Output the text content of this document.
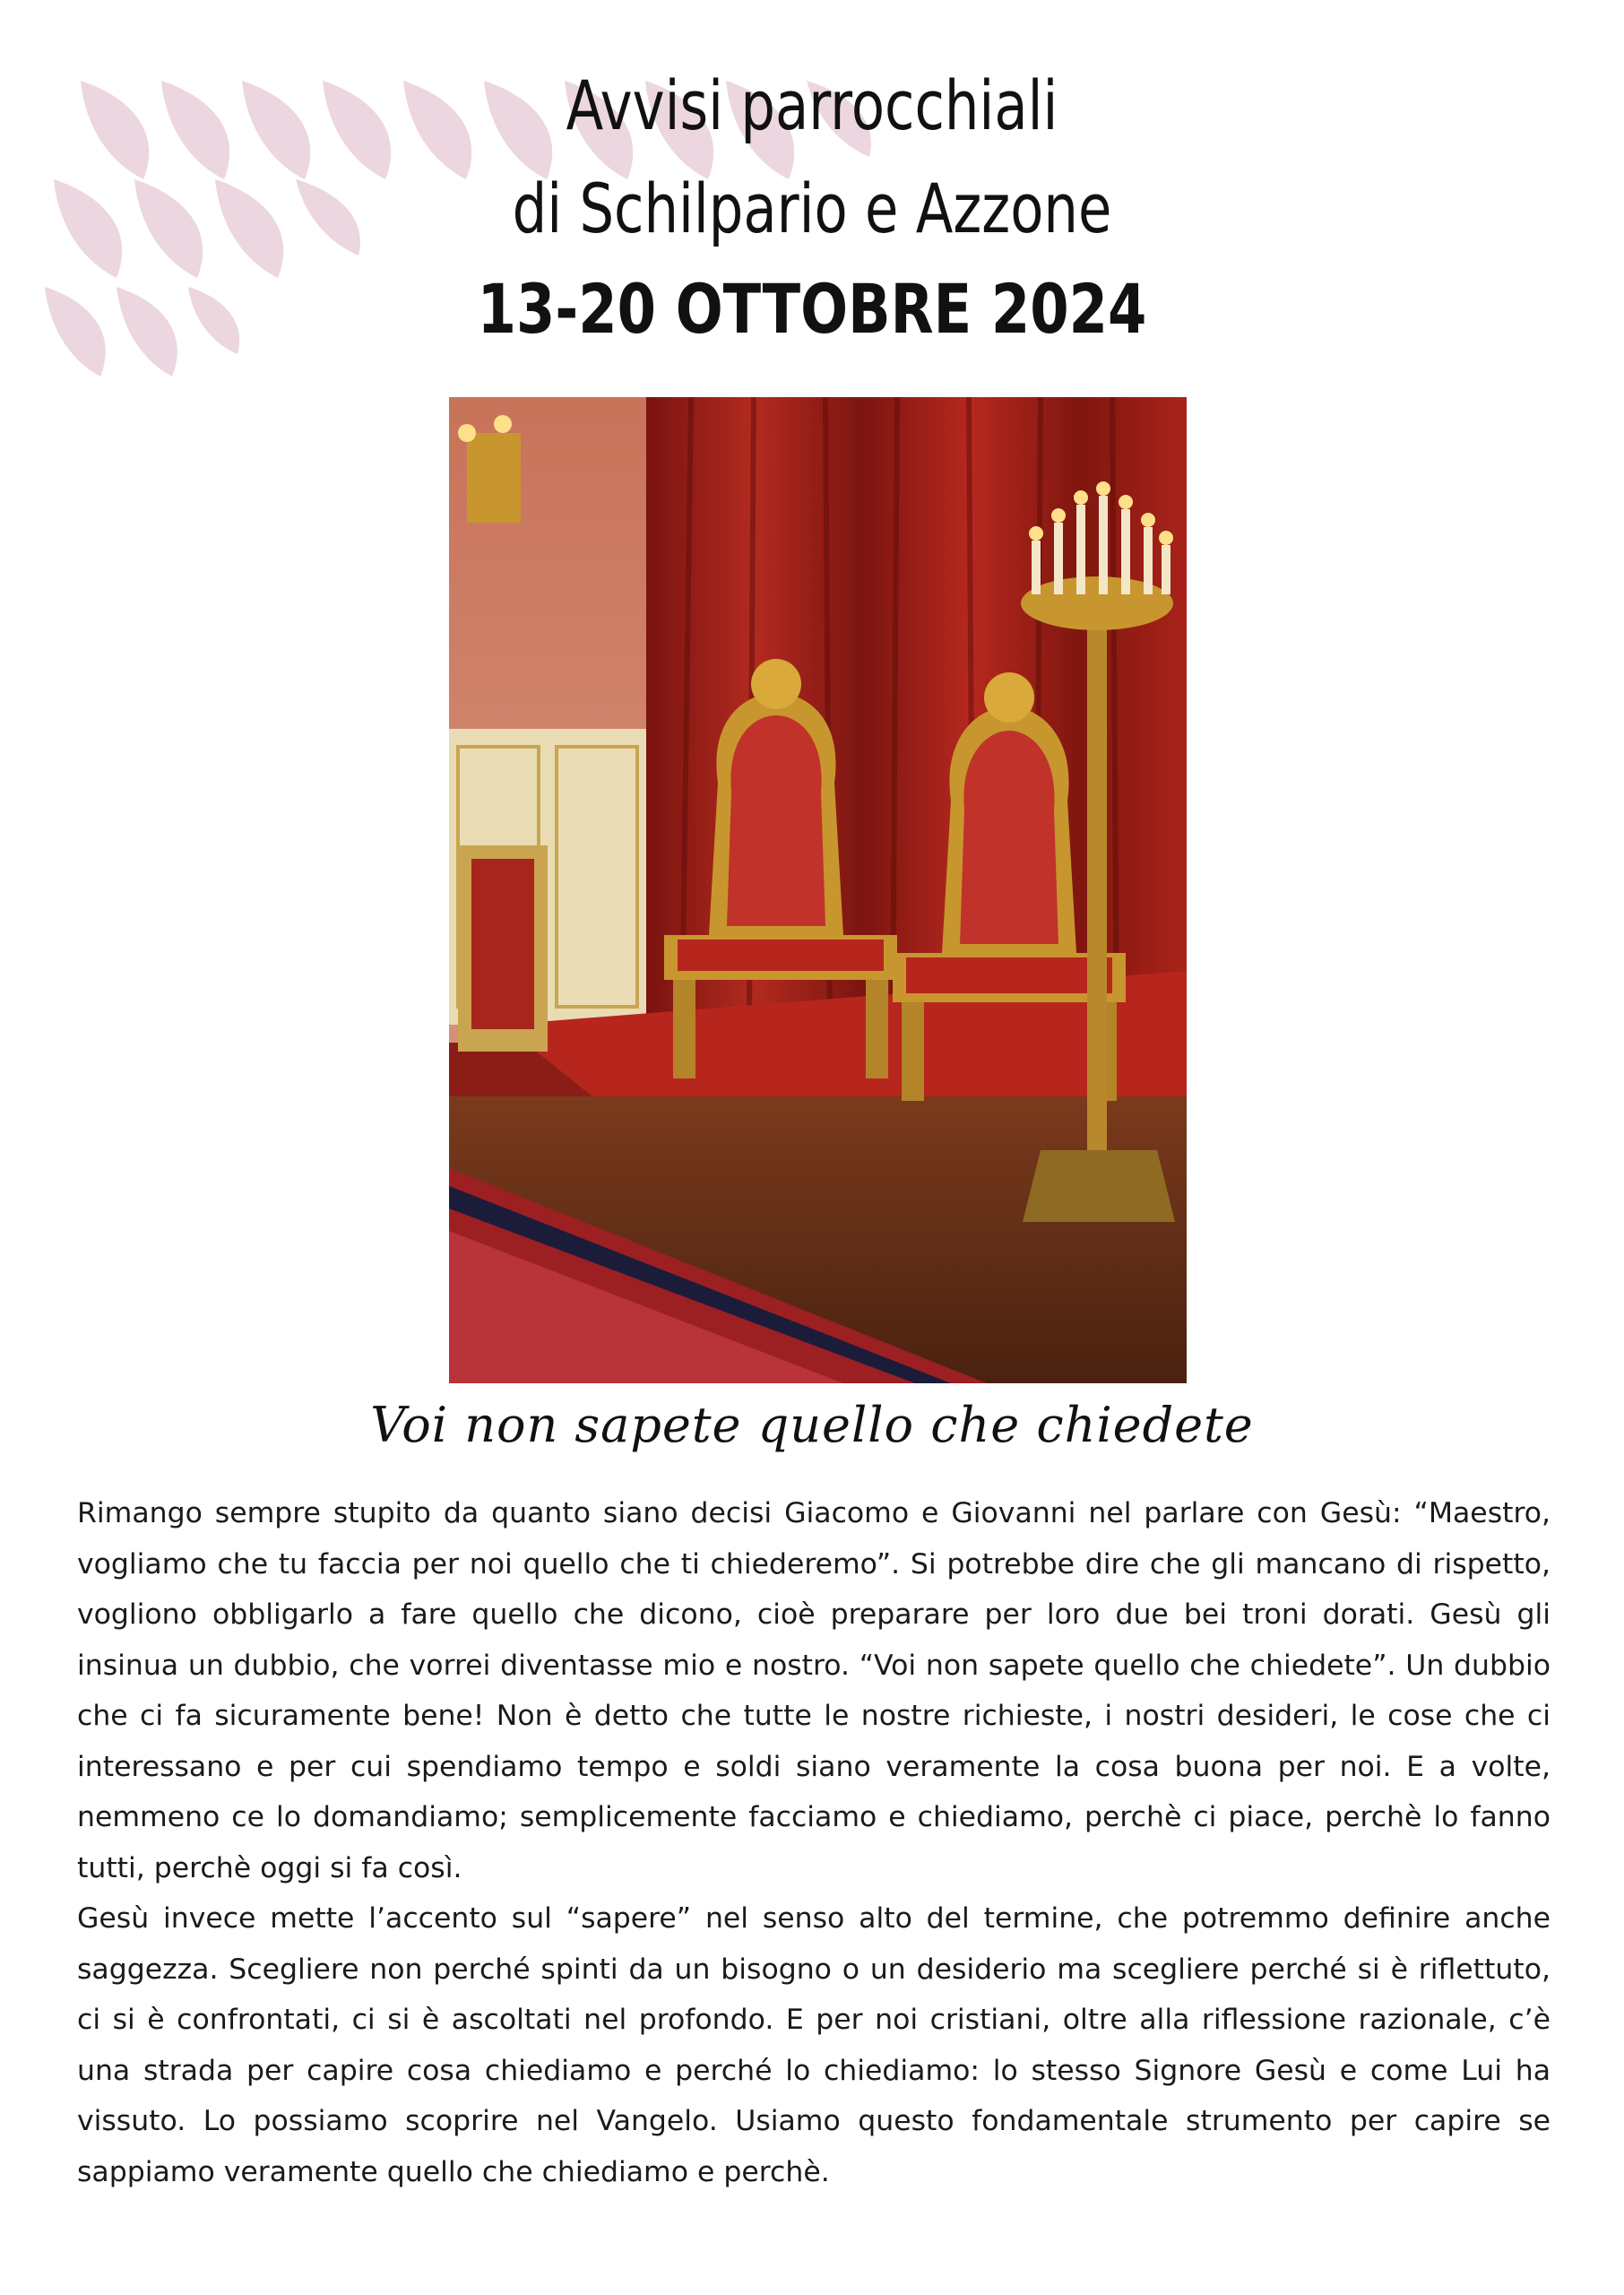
Avvisi parrocchiali
di Schilpario e Azzone
13-20 OTTOBRE 2024
Voi non sapete quello che chiedete

Rimango sempre stupito da quanto siano decisi Giacomo e Giovanni nel parlare con Gesù: “Maestro, vogliamo che tu faccia per noi quello che ti chiederemo”. Si potrebbe dire che gli mancano di rispetto, vogliono obbligarlo a fare quello che dicono, cioè preparare per loro due bei troni dorati. Gesù gli insinua un dubbio, che vorrei diventasse mio e nostro. “Voi non sapete quello che chiedete”. Un dubbio che ci fa sicuramente bene! Non è detto che tutte le nostre richieste, i nostri desideri, le cose che ci interessano e per cui spendiamo tempo e soldi siano veramente la cosa buona per noi. E a volte, nemmeno ce lo domandiamo; semplicemente facciamo e chiediamo, perchè ci piace, perchè lo fanno tutti, perchè oggi si fa così.

Gesù invece mette l’accento sul “sapere” nel senso alto del termine, che potremmo definire anche saggezza. Scegliere non perché spinti da un bisogno o un desiderio ma scegliere perché si è riflettuto, ci si è confrontati, ci si è ascoltati nel profondo. E per noi cristiani, oltre alla riflessione razionale, c’è una strada per capire cosa chiediamo e perché lo chiediamo: lo stesso Signore Gesù e come Lui ha vissuto. Lo possiamo scoprire nel Vangelo. Usiamo questo fondamentale strumento per capire se sappiamo veramente quello che chiediamo e perchè.
